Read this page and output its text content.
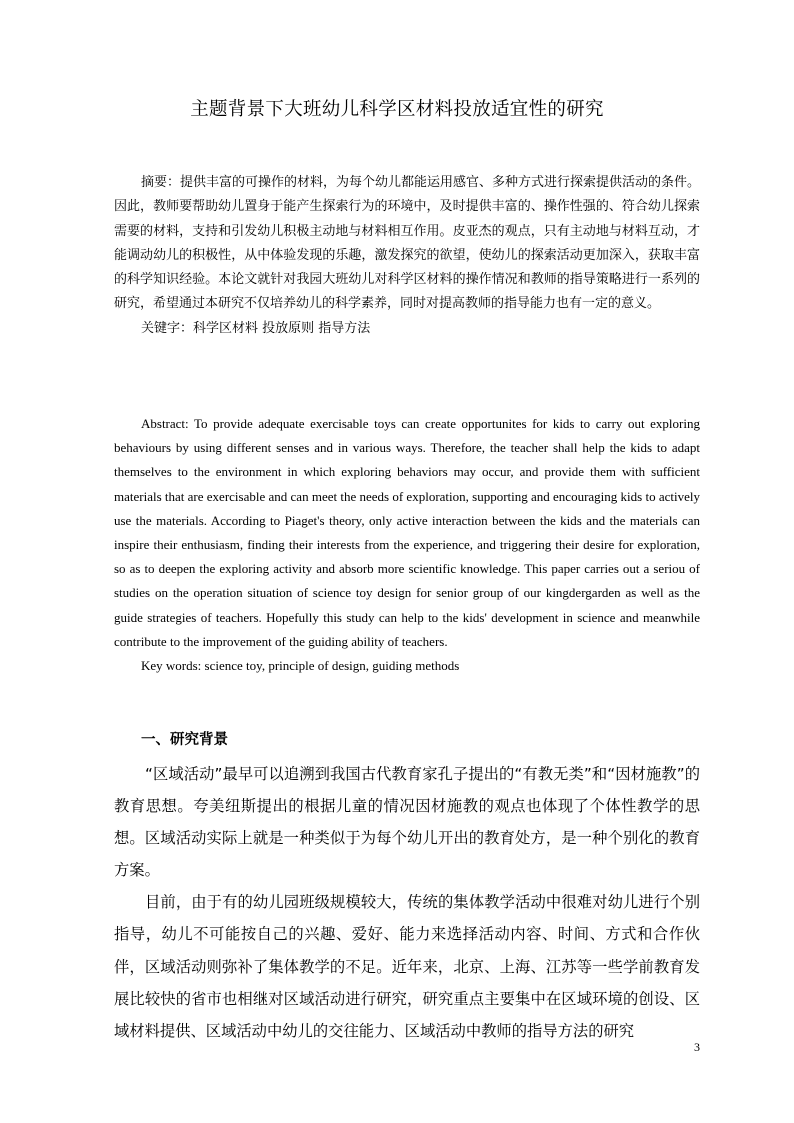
主题背景下大班幼儿科学区材料投放适宜性的研究

摘要：提供丰富的可操作的材料，为每个幼儿都能运用感官、多种方式进行探索提供活动的条件。因此，教师要帮助幼儿置身于能产生探索行为的环境中，及时提供丰富的、操作性强的、符合幼儿探索需要的材料，支持和引发幼儿积极主动地与材料相互作用。皮亚杰的观点，只有主动地与材料互动，才能调动幼儿的积极性，从中体验发现的乐趣，激发探究的欲望，使幼儿的探索活动更加深入，获取丰富的科学知识经验。本论文就针对我园大班幼儿对科学区材料的操作情况和教师的指导策略进行一系列的研究，希望通过本研究不仅培养幼儿的科学素养，同时对提高教师的指导能力也有一定的意义。

关键字：科学区材料 投放原则 指导方法

Abstract: To provide adequate exercisable toys can create opportunites for kids to carry out exploring behaviours by using different senses and in various ways. Therefore, the teacher shall help the kids to adapt themselves to the environment in which exploring behaviors may occur, and provide them with sufficient materials that are exercisable and can meet the needs of exploration, supporting and encouraging kids to actively use the materials. According to Piaget's theory, only active interaction between the kids and the materials can inspire their enthusiasm, finding their interests from the experience, and triggering their desire for exploration, so as to deepen the exploring activity and absorb more scientific knowledge. This paper carries out a seriou of studies on the operation situation of science toy design for senior group of our kingdergarden as well as the guide strategies of teachers. Hopefully this study can help to the kids' development in science and meanwhile contribute to the improvement of the guiding ability of teachers.

Key words: science toy, principle of design, guiding methods

一、研究背景

“区域活动”最早可以追溯到我国古代教育家孔子提出的“有教无类”和“因材施教”的教育思想。夸美纽斯提出的根据儿童的情况因材施教的观点也体现了个体性教学的思想。区域活动实际上就是一种类似于为每个幼儿开出的教育处方，是一种个别化的教育方案。

目前，由于有的幼儿园班级规模较大，传统的集体教学活动中很难对幼儿进行个别指导，幼儿不可能按自己的兴趣、爱好、能力来选择活动内容、时间、方式和合作伙伴，区域活动则弥补了集体教学的不足。近年来，北京、上海、江苏等一些学前教育发展比较快的省市也相继对区域活动进行研究，研究重点主要集中在区域环境的创设、区域材料提供、区域活动中幼儿的交往能力、区域活动中教师的指导方法的研究

3
